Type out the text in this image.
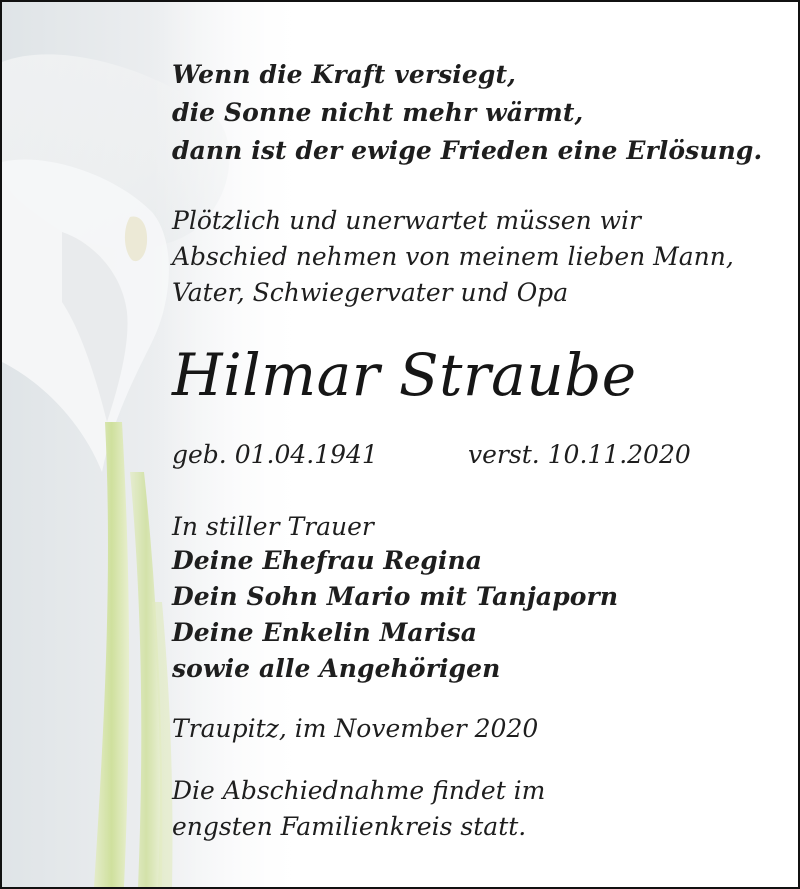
Wenn die Kraft versiegt,
die Sonne nicht mehr wärmt,
dann ist der ewige Frieden eine Erlösung.
Plötzlich und unerwartet müssen wir
Abschied nehmen von meinem lieben Mann,
Vater, Schwiegervater und Opa
Hilmar Straube
geb. 01.04.1941	verst. 10.11.2020
In stiller Trauer
Deine Ehefrau Regina
Dein Sohn Mario mit Tanjaporn
Deine Enkelin Marisa
sowie alle Angehörigen
Traupitz, im November 2020
Die Abschiednahme findet im
engsten Familienkreis statt.
